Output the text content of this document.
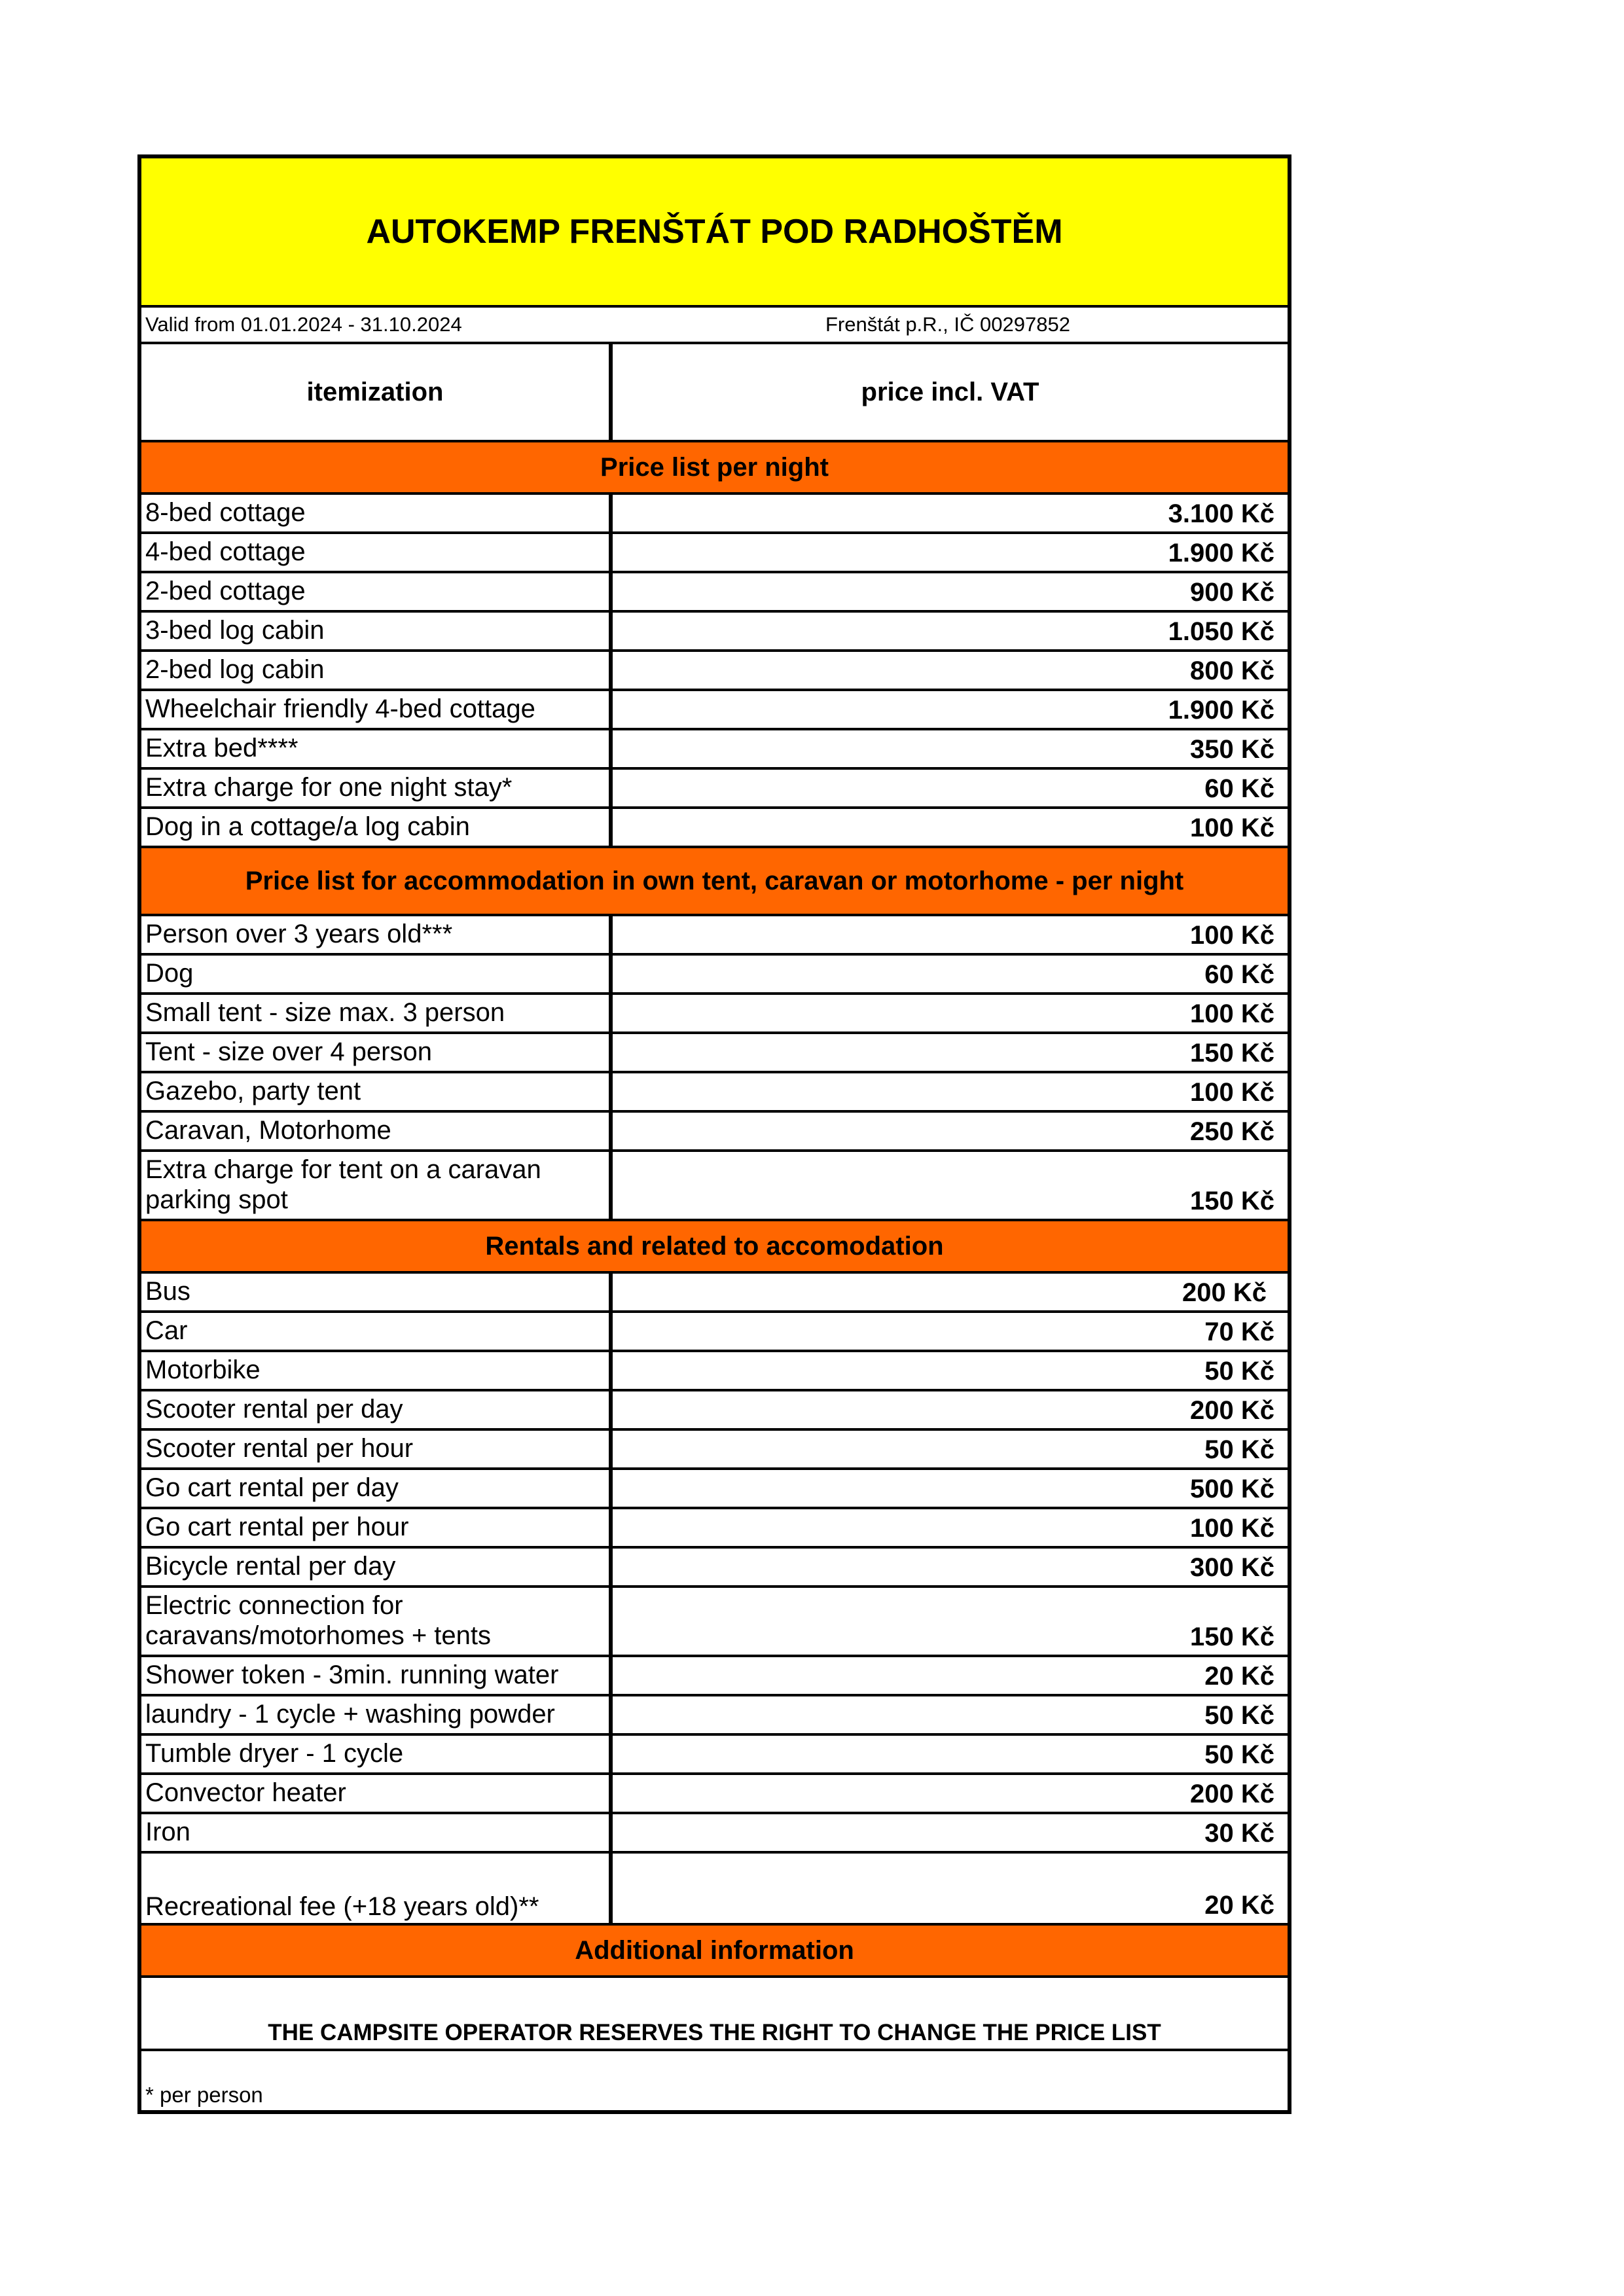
AUTOKEMP FRENŠTÁT POD RADHOŠTĚM
Valid from 01.01.2024 - 31.10.2024	Frenštát p.R., IČ 00297852
itemization	price incl. VAT
Price list per night
8-bed cottage	3.100 Kč
4-bed cottage	1.900 Kč
2-bed cottage	900 Kč
3-bed log cabin	1.050 Kč
2-bed log cabin	800 Kč
Wheelchair friendly 4-bed cottage	1.900 Kč
Extra bed****	350 Kč
Extra charge for one night stay*	60 Kč
Dog in a cottage/a log cabin	100 Kč
Price list for accommodation in own tent, caravan or motorhome - per night
Person over 3 years old***	100 Kč
Dog	60 Kč
Small tent - size max. 3 person	100 Kč
Tent - size over 4 person	150 Kč
Gazebo, party tent	100 Kč
Caravan, Motorhome	250 Kč
Extra charge for tent on a caravan parking spot	150 Kč
Rentals and related to accomodation
Bus	200 Kč
Car	70 Kč
Motorbike	50 Kč
Scooter rental per day	200 Kč
Scooter rental per hour	50 Kč
Go cart rental per day	500 Kč
Go cart rental per hour	100 Kč
Bicycle rental per day	300 Kč
Electric connection for caravans/motorhomes + tents	150 Kč
Shower token - 3min. running water	20 Kč
laundry - 1 cycle + washing powder	50 Kč
Tumble dryer - 1 cycle	50 Kč
Convector heater	200 Kč
Iron	30 Kč
Recreational fee (+18 years old)**	20 Kč
Additional information
THE CAMPSITE OPERATOR RESERVES THE RIGHT TO CHANGE THE PRICE LIST
* per person
